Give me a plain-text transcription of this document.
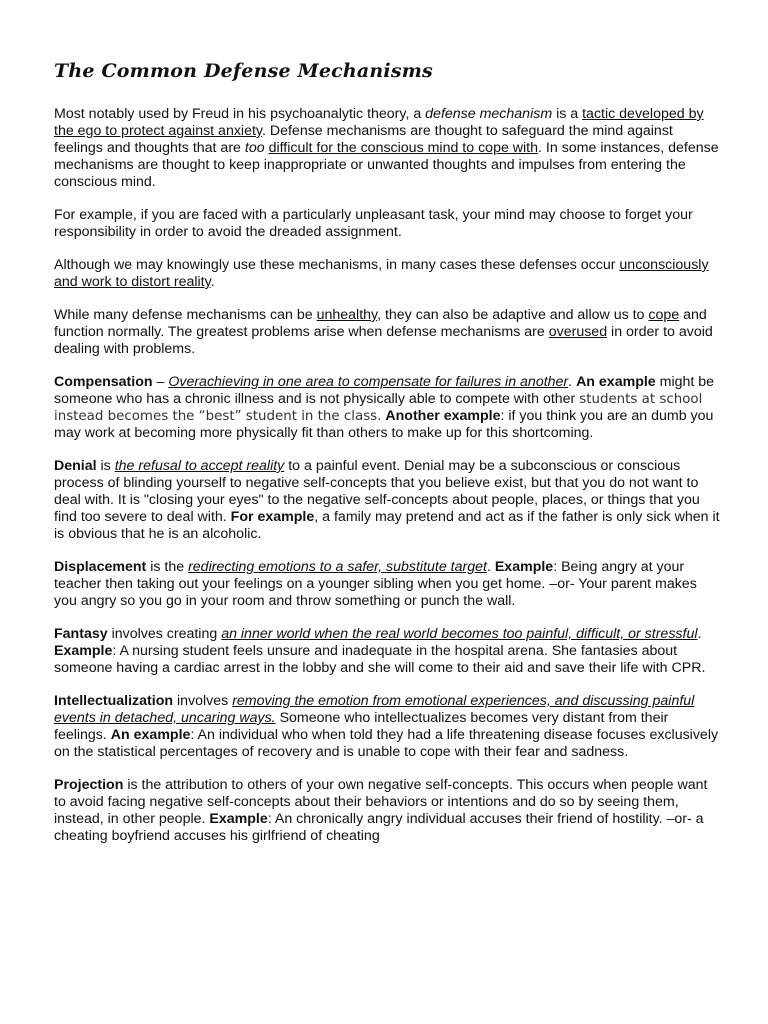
The Common Defense Mechanisms

Most notably used by Freud in his psychoanalytic theory, a defense mechanism is a tactic developed by the ego to protect against anxiety. Defense mechanisms are thought to safeguard the mind against feelings and thoughts that are too difficult for the conscious mind to cope with. In some instances, defense mechanisms are thought to keep inappropriate or unwanted thoughts and impulses from entering the conscious mind.

For example, if you are faced with a particularly unpleasant task, your mind may choose to forget your responsibility in order to avoid the dreaded assignment.

Although we may knowingly use these mechanisms, in many cases these defenses occur unconsciously and work to distort reality.

While many defense mechanisms can be unhealthy, they can also be adaptive and allow us to cope and function normally. The greatest problems arise when defense mechanisms are overused in order to avoid dealing with problems.

Compensation – Overachieving in one area to compensate for failures in another. An example might be someone who has a chronic illness and is not physically able to compete with other students at school instead becomes the “best” student in the class. Another example: if you think you are an dumb you may work at becoming more physically fit than others to make up for this shortcoming.

Denial is the refusal to accept reality to a painful event. Denial may be a subconscious or conscious process of blinding yourself to negative self-concepts that you believe exist, but that you do not want to deal with. It is "closing your eyes" to the negative self-concepts about people, places, or things that you find too severe to deal with. For example, a family may pretend and act as if the father is only sick when it is obvious that he is an alcoholic.

Displacement is the redirecting emotions to a safer, substitute target. Example: Being angry at your teacher then taking out your feelings on a younger sibling when you get home. –or- Your parent makes you angry so you go in your room and throw something or punch the wall.

Fantasy involves creating an inner world when the real world becomes too painful, difficult, or stressful. Example: A nursing student feels unsure and inadequate in the hospital arena. She fantasies about someone having a cardiac arrest in the lobby and she will come to their aid and save their life with CPR.

Intellectualization involves removing the emotion from emotional experiences, and discussing painful events in detached, uncaring ways. Someone who intellectualizes becomes very distant from their feelings. An example: An individual who when told they had a life threatening disease focuses exclusively on the statistical percentages of recovery and is unable to cope with their fear and sadness.

Projection is the attribution to others of your own negative self-concepts. This occurs when people want to avoid facing negative self-concepts about their behaviors or intentions and do so by seeing them, instead, in other people. Example: An chronically angry individual accuses their friend of hostility. –or- a cheating boyfriend accuses his girlfriend of cheating
